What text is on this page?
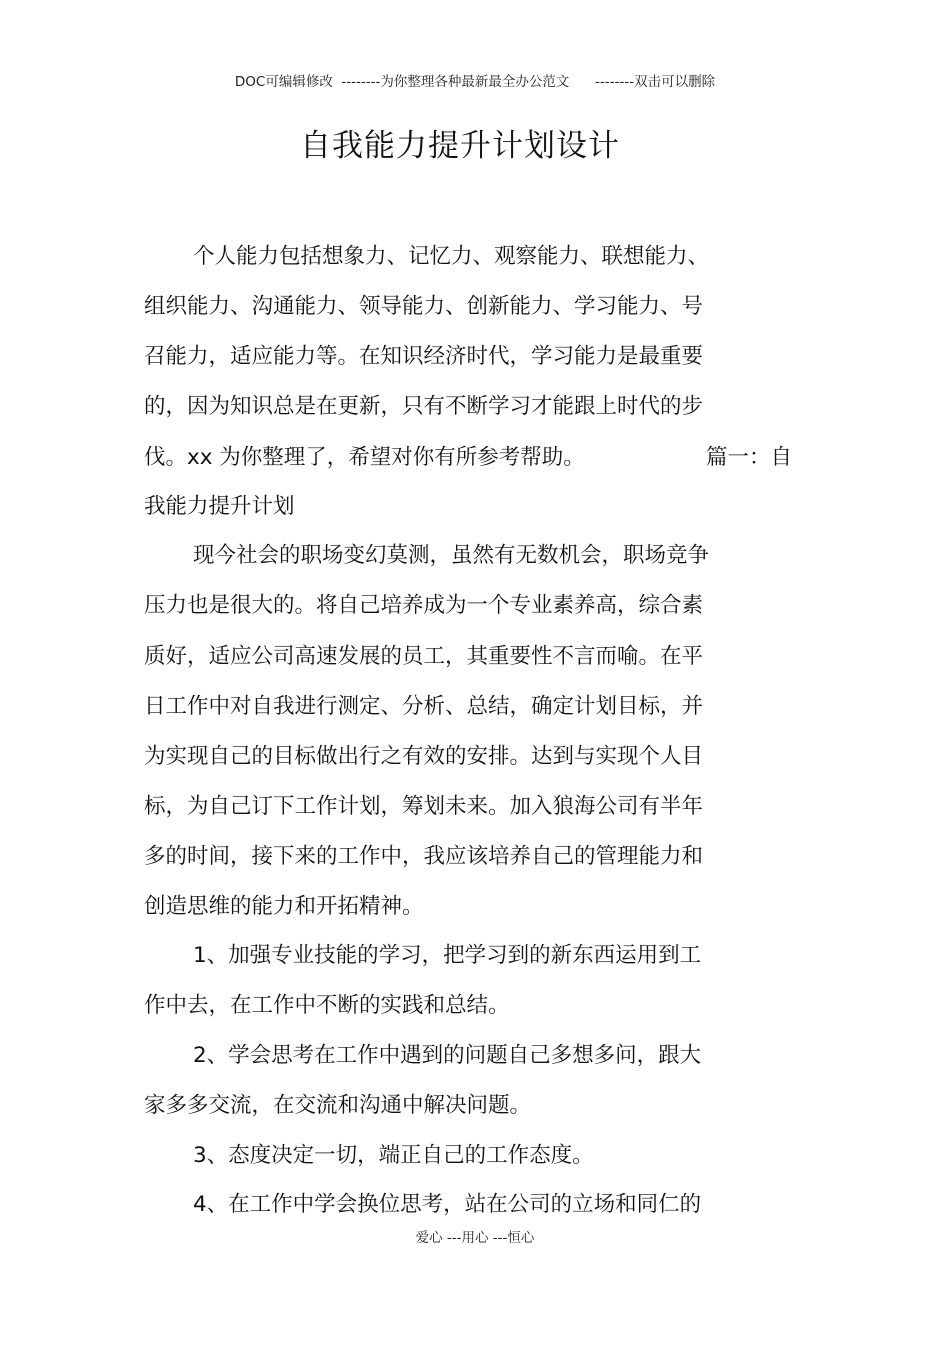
DOC可编辑修改  --------为你整理各种最新最全办公范文      --------双击可以删除
自我能力提升计划设计
个人能力包括想象力、记忆力、观察能力、联想能力、
组织能力、沟通能力、领导能力、创新能力、学习能力、号
召能力，适应能力等。在知识经济时代，学习能力是最重要
的，因为知识总是在更新，只有不断学习才能跟上时代的步
伐。xx 为你整理了，希望对你有所参考帮助。	篇一：自
我能力提升计划
现今社会的职场变幻莫测，虽然有无数机会，职场竞争
压力也是很大的。将自己培养成为一个专业素养高，综合素
质好，适应公司高速发展的员工，其重要性不言而喻。在平
日工作中对自我进行测定、分析、总结，确定计划目标，并
为实现自己的目标做出行之有效的安排。达到与实现个人目
标，为自己订下工作计划，筹划未来。加入狼海公司有半年
多的时间，接下来的工作中，我应该培养自己的管理能力和
创造思维的能力和开拓精神。
1、加强专业技能的学习，把学习到的新东西运用到工
作中去，在工作中不断的实践和总结。
2、学会思考在工作中遇到的问题自己多想多问，跟大
家多多交流，在交流和沟通中解决问题。
3、态度决定一切，端正自己的工作态度。
4、在工作中学会换位思考，站在公司的立场和同仁的
爱心 ---用心 ---恒心
